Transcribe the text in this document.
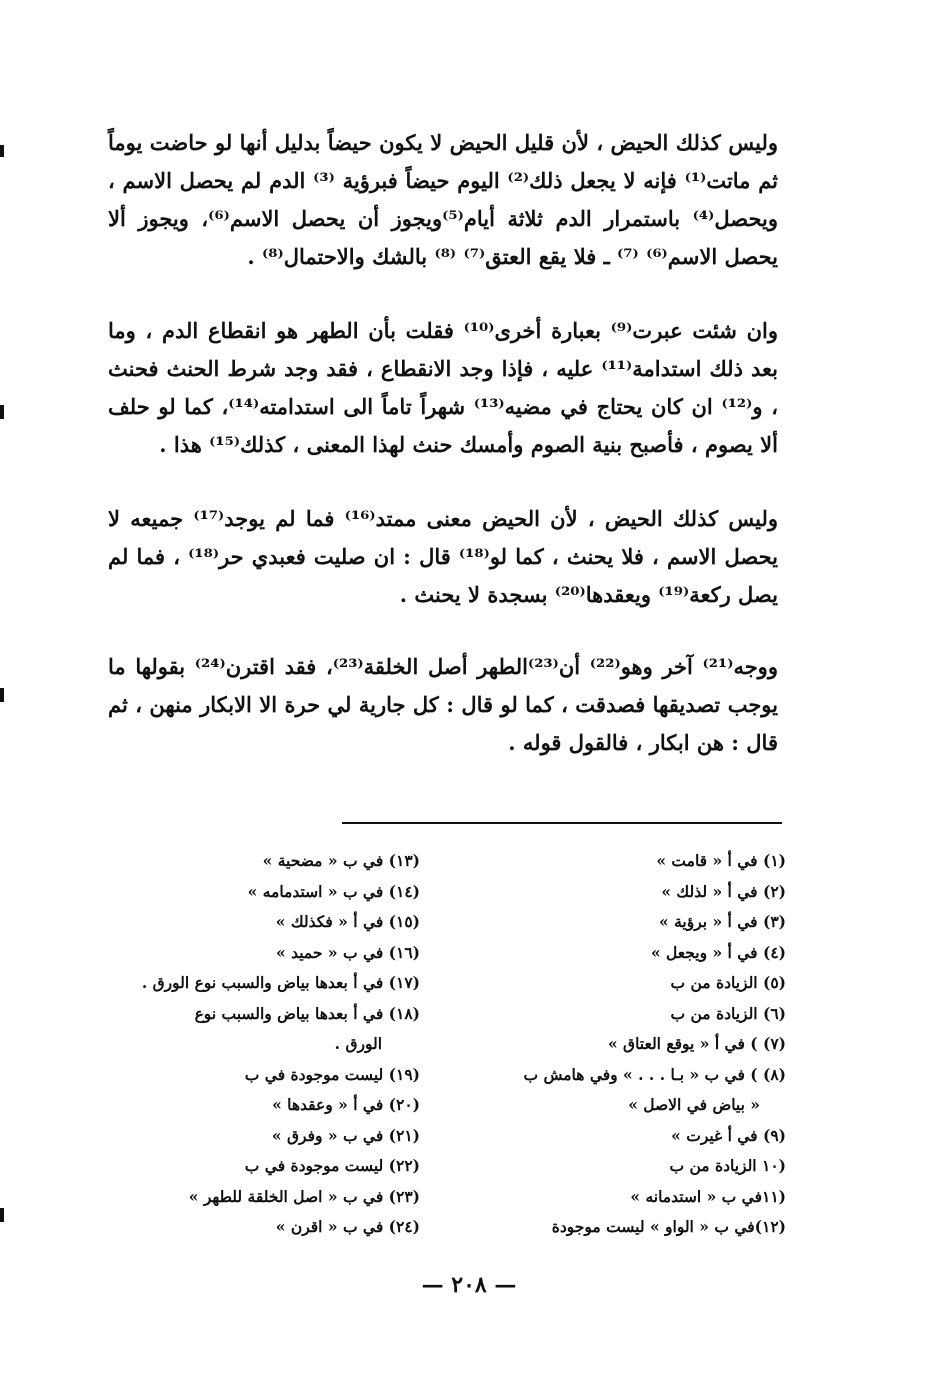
وليس كذلك الحيض ، لأن قليل الحيض لا يكون حيضاً بدليل أنها لو حاضت يوماً ثم ماتت⁽¹⁾ فإنه لا يجعل ذلك⁽²⁾ اليوم حيضاً فبرؤية ⁽³⁾ الدم لم يحصل الاسم ، ويحصل⁽⁴⁾ باستمرار الدم ثلاثة أيام⁽⁵⁾ويجوز أن يحصل الاسم⁽⁶⁾، ويجوز ألا يحصل الاسم⁽⁶⁾ ⁽⁷⁾ ـ فلا يقع العتق⁽⁷⁾ ⁽⁸⁾ بالشك والاحتمال⁽⁸⁾ .
وان شئت عبرت⁽⁹⁾ بعبارة أخرى⁽¹⁰⁾ فقلت بأن الطهر هو انقطاع الدم ، وما بعد ذلك استدامة⁽¹¹⁾ عليه ، فإذا وجد الانقطاع ، فقد وجد شرط الحنث فحنث ، و⁽¹²⁾ ان كان يحتاج في مضيه⁽¹³⁾ شهراً تاماً الى استدامته⁽¹⁴⁾، كما لو حلف ألا يصوم ، فأصبح بنية الصوم وأمسك حنث لهذا المعنى ، كذلك⁽¹⁵⁾ هذا .
وليس كذلك الحيض ، لأن الحيض معنى ممتد⁽¹⁶⁾ فما لم يوجد⁽¹⁷⁾ جميعه لا يحصل الاسم ، فلا يحنث ، كما لو⁽¹⁸⁾ قال : ان صليت فعبدي حر⁽¹⁸⁾ ، فما لم يصل ركعة⁽¹⁹⁾ ويعقدها⁽²⁰⁾ بسجدة لا يحنث .
ووجه⁽²¹⁾ آخر وهو⁽²²⁾ أن⁽²³⁾الطهر أصل الخلقة⁽²³⁾، فقد اقترن⁽²⁴⁾ بقولها ما يوجب تصديقها فصدقت ، كما لو قال : كل جارية لي حرة الا الابكار منهن ، ثم قال : هن ابكار ، فالقول قوله .
(١) في أ « قامت »
(٢) في أ « لذلك »
(٣) في أ « برؤية »
(٤) في أ « ويجعل »
(٥) الزيادة من ب
(٦) الزيادة من ب
(٧) ) في أ « يوقع العتاق »
(٨) ) في ب « بـا . . . » وفي هامش ب
« بياض في الاصل »
(٩) في أ غيرت »
(١٠ الزيادة من ب
(١١في ب « استدمانه »
(١٢)في ب « الواو » ليست موجودة
(١٣) في ب « مضحية »
(١٤) في ب « استدمامه »
(١٥) في أ « فكذلك »
(١٦) في ب « حميد »
(١٧) في أ بعدها بياض والسبب نوع الورق .
(١٨) في أ بعدها بياض والسبب نوع
الورق .
(١٩) ليست موجودة في ب
(٢٠) في أ « وعقدها »
(٢١) في ب « وفرق »
(٢٢) ليست موجودة في ب
(٢٣) في ب « اصل الخلقة للطهر »
(٢٤) في ب « اقرن »
— ٢٠٨ —
